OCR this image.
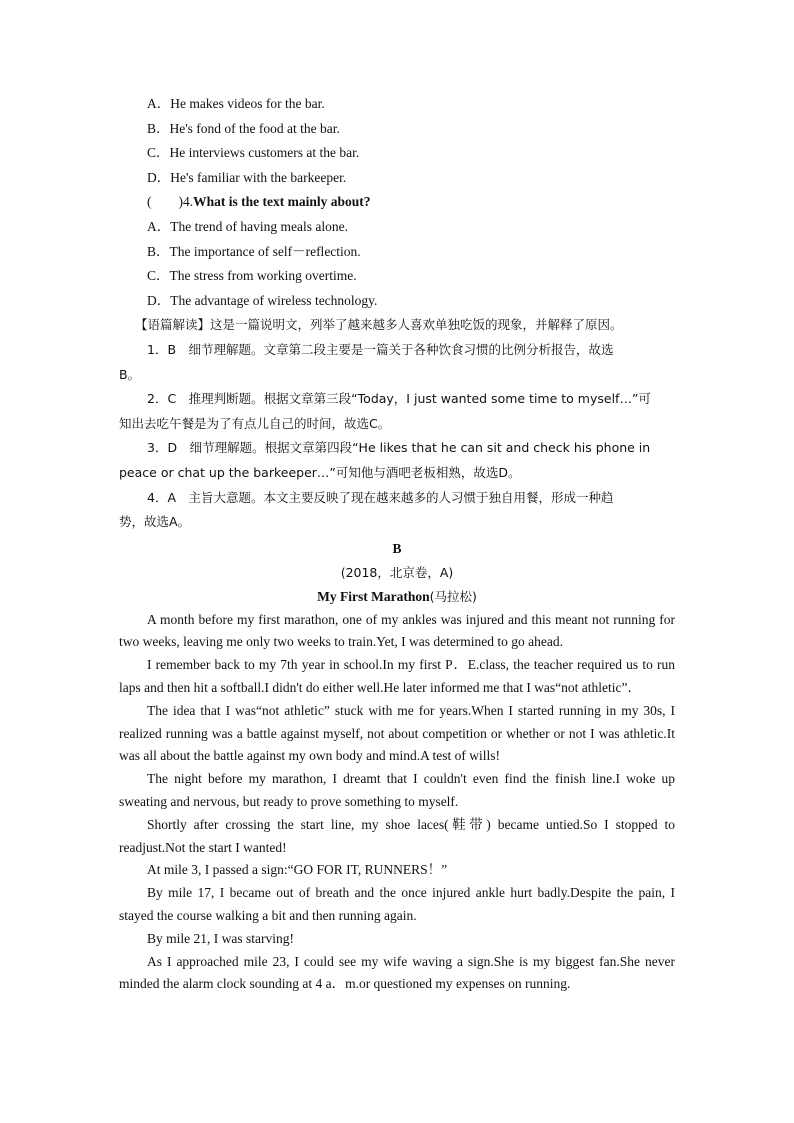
A．He makes videos for the bar.
B．He's fond of the food at the bar.
C．He interviews customers at the bar.
D．He's familiar with the barkeeper.
(　　)4.What is the text mainly about?
A．The trend of having meals alone.
B．The importance of self－reflection.
C．The stress from working overtime.
D．The advantage of wireless technology.
【语篇解读】这是一篇说明文，列举了越来越多人喜欢单独吃饭的现象，并解释了原因。
1．B　细节理解题。文章第二段主要是一篇关于各种饮食习惯的比例分析报告，故选
B。
2．C　推理判断题。根据文章第三段“Today，I just wanted some time to myself…”可
知出去吃午餐是为了有点儿自己的时间，故选C。
3．D　细节理解题。根据文章第四段“He likes that he can sit and check his phone in
peace or chat up the barkeeper…”可知他与酒吧老板相熟，故选D。
4．A　主旨大意题。本文主要反映了现在越来越多的人习惯于独自用餐，形成一种趋
势，故选A。
B
(2018，北京卷，A)
My First Marathon(马拉松)
A month before my first marathon, one of my ankles was injured and this meant not running for two weeks, leaving me only two weeks to train.Yet, I was determined to go ahead.
I remember back to my 7th year in school.In my first P．E.class, the teacher required us to run laps and then hit a softball.I didn't do either well.He later informed me that I was“not athletic”．
The idea that I was“not athletic” stuck with me for years.When I started running in my 30s, I realized running was a battle against myself, not about competition or whether or not I was athletic.It was all about the battle against my own body and mind.A test of wills!
The night before my marathon, I dreamt that I couldn't even find the finish line.I woke up sweating and nervous, but ready to prove something to myself.
Shortly after crossing the start line, my shoe laces(鞋带) became untied.So I stopped to readjust.Not the start I wanted!
At mile 3, I passed a sign:“GO FOR IT, RUNNERS！”
By mile 17, I became out of breath and the once injured ankle hurt badly.Despite the pain, I stayed the course walking a bit and then running again.
By mile 21, I was starving!
As I approached mile 23, I could see my wife waving a sign.She is my biggest fan.She never minded the alarm clock sounding at 4 a．m.or questioned my expenses on running.
